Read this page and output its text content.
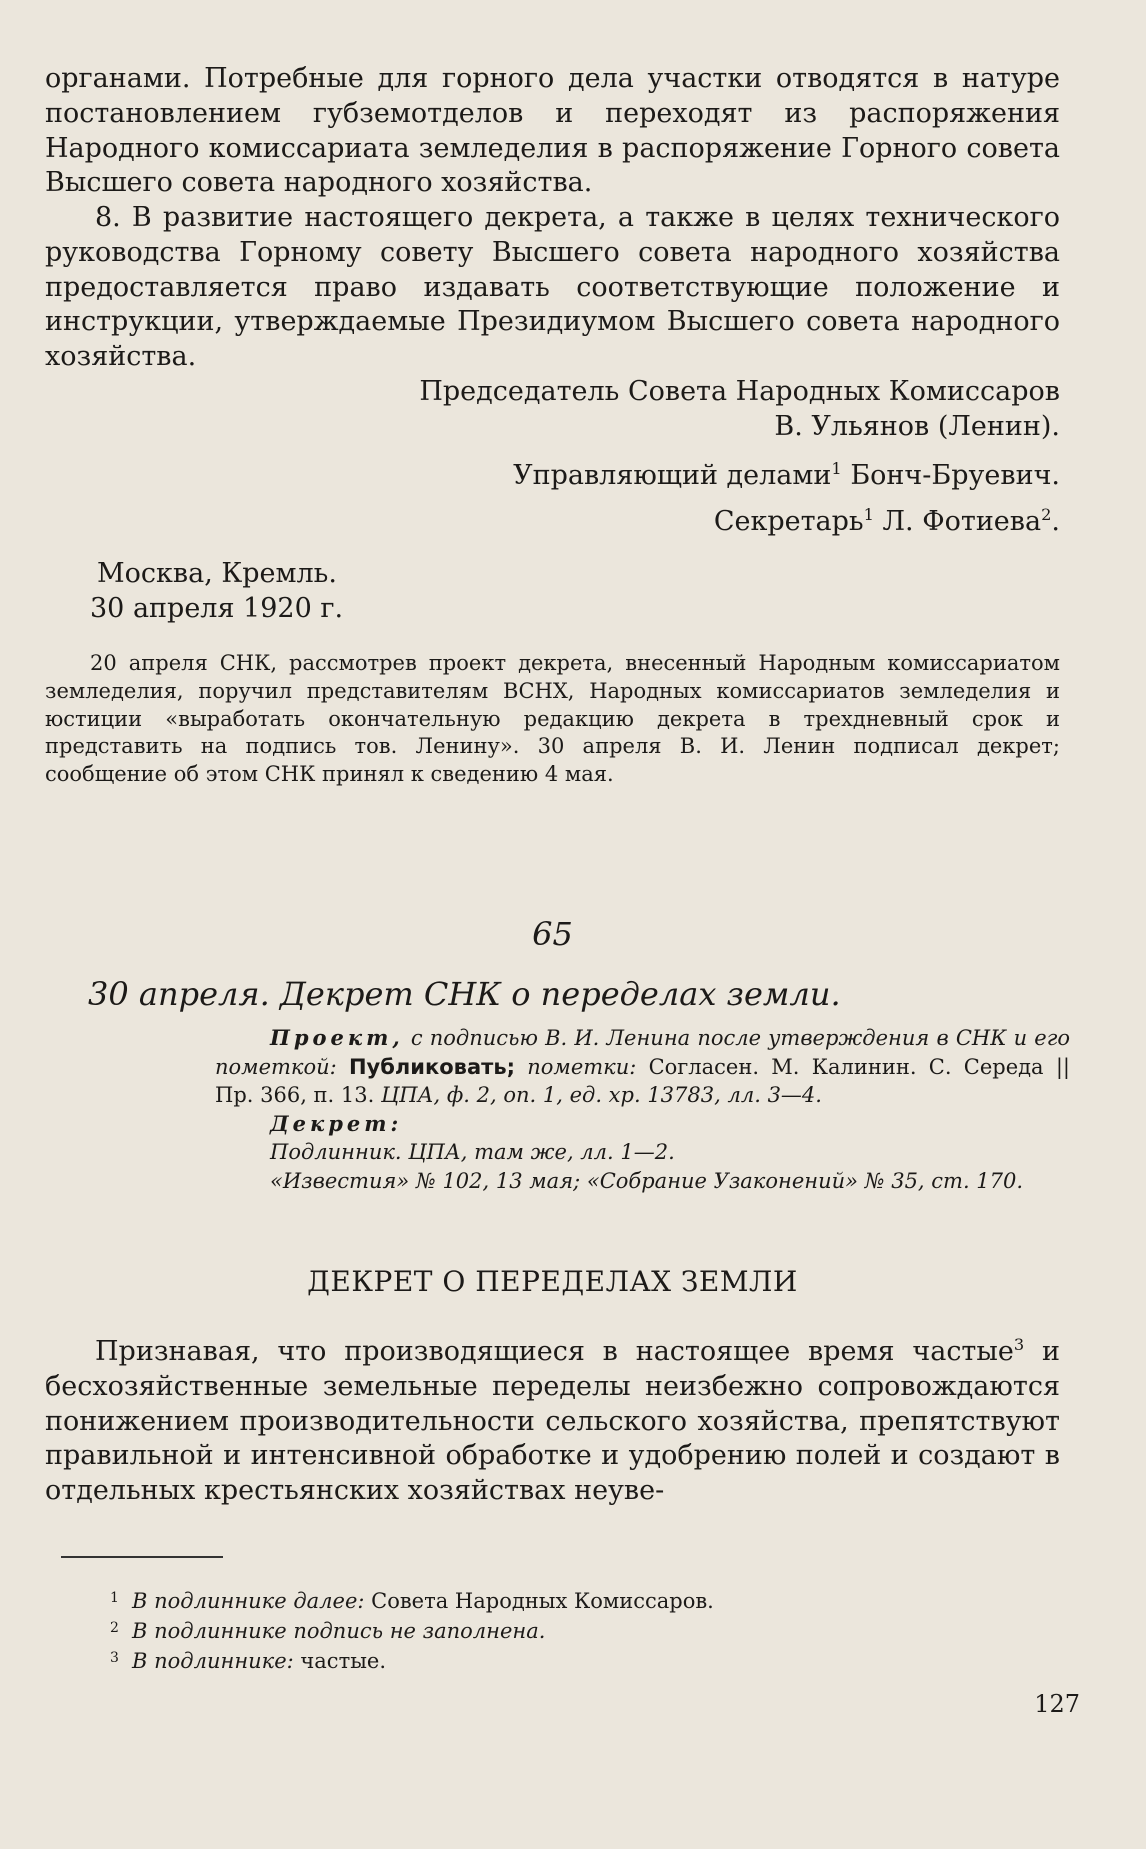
органами. Потребные для горного дела участки отводятся в натуре постановлением губземотделов и переходят из распоряжения Народного комиссариата земледелия в распоряжение Горного совета Высшего совета народного хозяйства.

8. В развитие настоящего декрета, а также в целях технического руководства Горному совету Высшего совета народного хозяйства предоставляется право издавать соответствующие положение и инструкции, утверждаемые Президиумом Высшего совета народного хозяйства.

Председатель Совета Народных Комиссаров
В. Ульянов (Ленин).
Управляющий делами$^1$ Бонч-Бруевич.
Секретарь$^1$ Л. Фотиева$^2$.
Москва, Кремль.
30 апреля 1920 г.
20 апреля СНК, рассмотрев проект декрета, внесенный Народным комиссариатом земледелия, поручил представителям ВСНХ, Народных комиссариатов земледелия и юстиции «выработать окончательную редакцию декрета в трехдневный срок и представить на подпись тов. Ленину». 30 апреля В. И. Ленин подписал декрет; сообщение об этом СНК принял к сведению 4 мая.
65
30 апреля. Декрет СНК о переделах земли.
Проект, с подписью В. И. Ленина после утверждения в СНК и его пометкой: Публиковать; пометки: Согласен. М. Калинин. С. Середа || Пр. 366, п. 13. ЦПА, ф. 2, оп. 1, ед. хр. 13783, лл. 3—4.
Декрет:
Подлинник. ЦПА, там же, лл. 1—2.
«Известия» № 102, 13 мая; «Собрание Узаконений» № 35, ст. 170.
ДЕКРЕТ О ПЕРЕДЕЛАХ ЗЕМЛИ

Признавая, что производящиеся в настоящее время частые$^3$ и бесхозяйственные земельные переделы неизбежно сопровождаются понижением производительности сельского хозяйства, препятствуют правильной и интенсивной обработке и удобрению полей и создают в отдельных крестьянских хозяйствах неуве-

1 В подлиннике далее: Совета Народных Комиссаров.
2 В подлиннике подпись не заполнена.
3 В подлиннике: частые.
127
